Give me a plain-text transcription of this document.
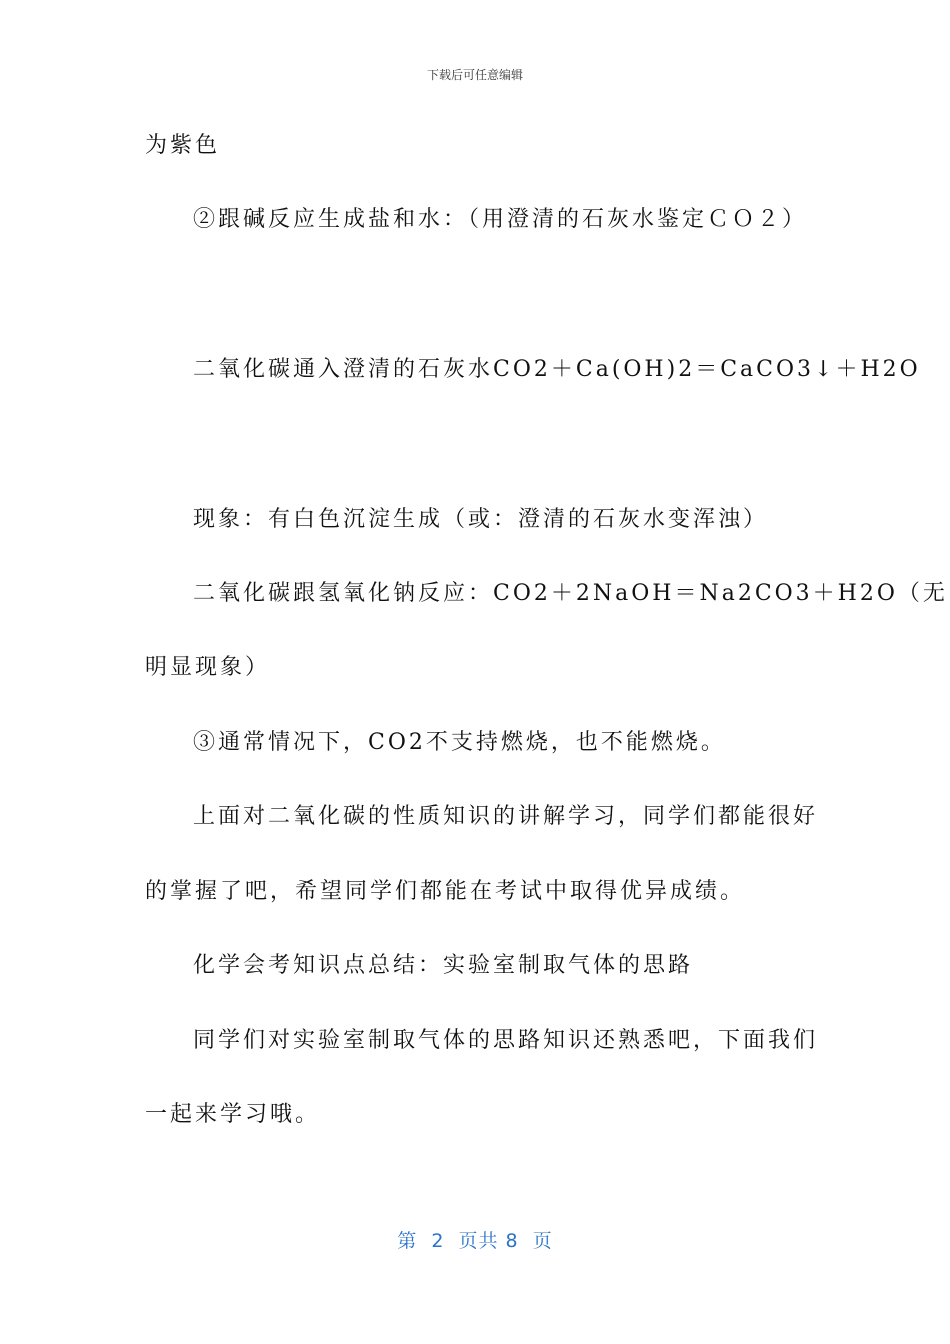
下载后可任意编辑
为紫色
②跟碱反应生成盐和水：（用澄清的石灰水鉴定ＣＯ２）
二氧化碳通入澄清的石灰水CO2＋Ca(OH)2＝CaCO3↓＋H2O
现象：有白色沉淀生成（或：澄清的石灰水变浑浊）
二氧化碳跟氢氧化钠反应：CO2＋2NaOH＝Na2CO3＋H2O（无
明显现象）
③通常情况下，CO2不支持燃烧，也不能燃烧。
上面对二氧化碳的性质知识的讲解学习，同学们都能很好
的掌握了吧，希望同学们都能在考试中取得优异成绩。
化学会考知识点总结：实验室制取气体的思路
同学们对实验室制取气体的思路知识还熟悉吧，下面我们
一起来学习哦。
第  2  页共 8  页
